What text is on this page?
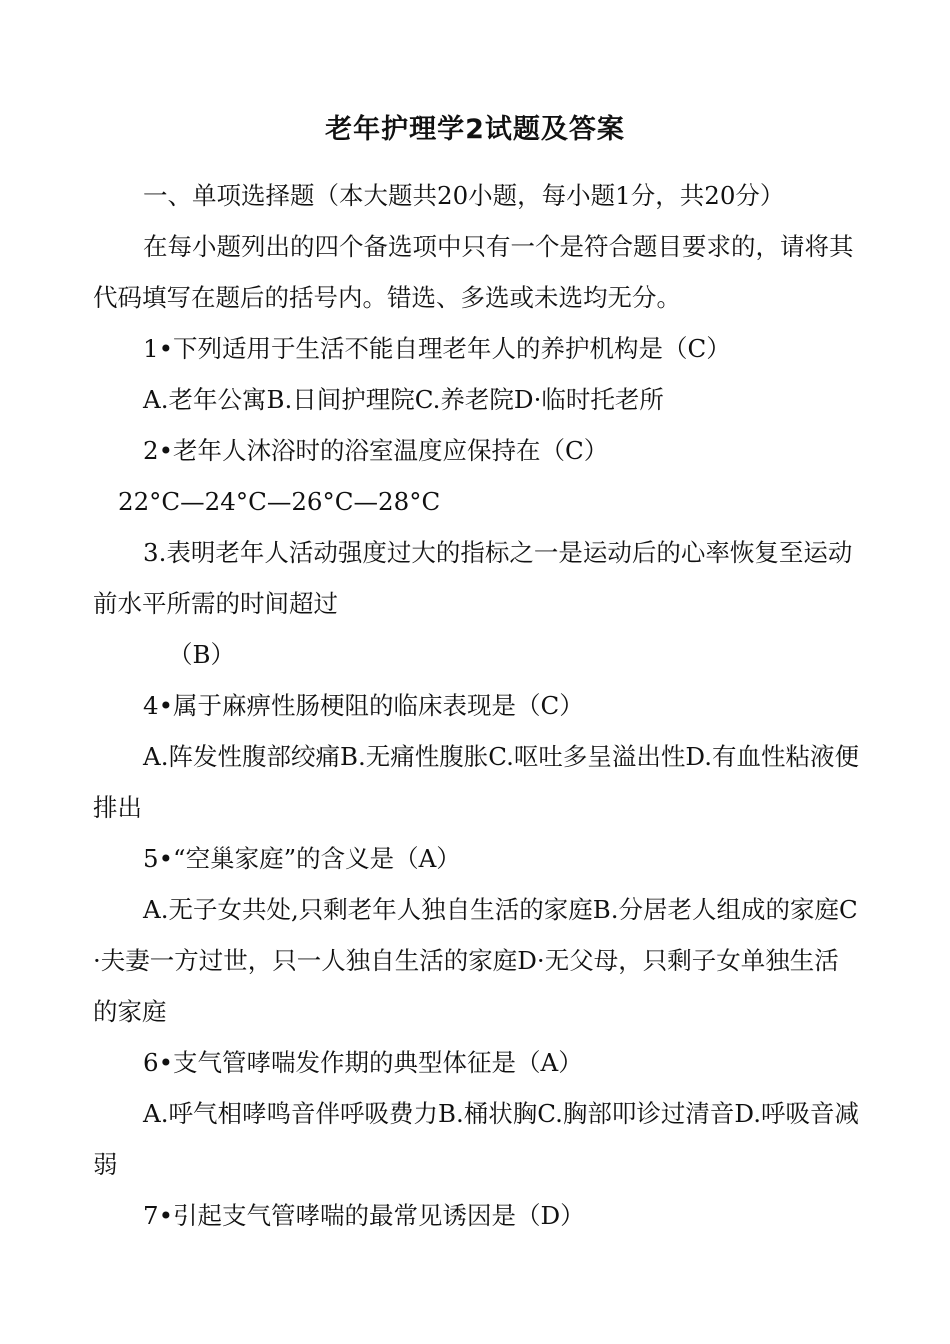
老年护理学2试题及答案

一、单项选择题（本大题共20小题，每小题1分，共20分）

在每小题列出的四个备选项中只有一个是符合题目要求的，请将其代码填写在题后的括号内。错选、多选或未选均无分。

1•下列适用于生活不能自理老年人的养护机构是（C）

A.老年公寓B.日间护理院C.养老院D·临时托老所

2•老年人沐浴时的浴室温度应保持在（C）

22°C—24°C—26°C—28°C

3.表明老年人活动强度过大的指标之一是运动后的心率恢复至运动前水平所需的时间超过

（B）

4•属于麻痹性肠梗阻的临床表现是（C）

A.阵发性腹部绞痛B.无痛性腹胀C.呕吐多呈溢出性D.有血性粘液便排出

5•“空巢家庭”的含义是（A）

A.无子女共处,只剩老年人独自生活的家庭B.分居老人组成的家庭C·夫妻一方过世，只一人独自生活的家庭D·无父母，只剩子女单独生活的家庭

6•支气管哮喘发作期的典型体征是（A）

A.呼气相哮鸣音伴呼吸费力B.桶状胸C.胸部叩诊过清音D.呼吸音减弱

7•引起支气管哮喘的最常见诱因是（D）
